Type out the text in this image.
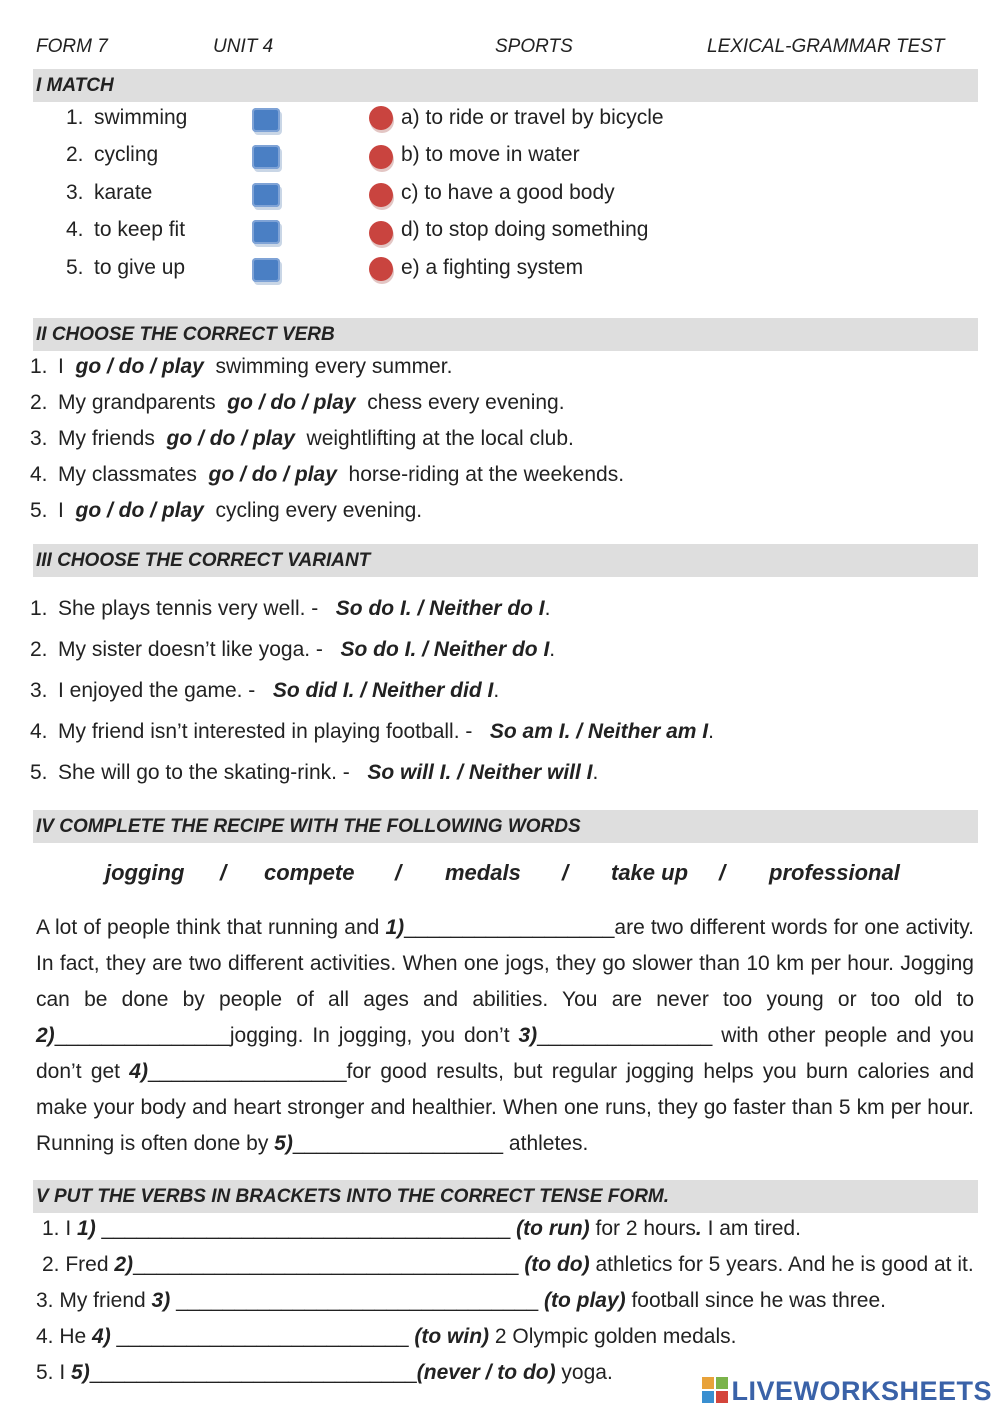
FORM 7	UNIT 4	SPORTS	LEXICAL-GRAMMAR TEST
I MATCH
1. swimming
2. cycling
3. karate
4. to keep fit
5. to give up
a) to ride or travel by bicycle
b) to move in water
c) to have a good body
d) to stop doing something
e) a fighting system
II CHOOSE THE CORRECT VERB
1. I go / do / play swimming every summer.
2. My grandparents go / do / play chess every evening.
3. My friends go / do / play weightlifting at the local club.
4. My classmates go / do / play horse-riding at the weekends.
5. I go / do / play cycling every evening.
III CHOOSE THE CORRECT VARIANT
1. She plays tennis very well. - So do I. / Neither do I.
2. My sister doesn’t like yoga. - So do I. / Neither do I.
3. I enjoyed the game. - So did I. / Neither did I.
4. My friend isn’t interested in playing football. - So am I. / Neither am I.
5. She will go to the skating-rink. - So will I. / Neither will I.
IV COMPLETE THE RECIPE WITH THE FOLLOWING WORDS
jogging / compete / medals / take up / professional
A lot of people think that running and 1)__________________are two different words for one activity. In fact, they are two different activities. When one jogs, they go slower than 10 km per hour. Jogging can be done by people of all ages and abilities. You are never too young or too old to 2)_______________jogging. In jogging, you don’t 3)_______________ with other people and you don’t get 4)_________________for good results, but regular jogging helps you burn calories and make your body and heart stronger and healthier. When one runs, they go faster than 5 km per hour. Running is often done by 5)__________________ athletes.
V PUT THE VERBS IN BRACKETS INTO THE CORRECT TENSE FORM.
1. I 1) ___________________________________ (to run) for 2 hours. I am tired.
2. Fred 2)_________________________________ (to do) athletics for 5 years. And he is good at it.
3. My friend 3) _______________________________ (to play) football since he was three.
4. He 4) _________________________ (to win) 2 Olympic golden medals.
5. I 5)____________________________(never / to do) yoga.
LIVEWORKSHEETS
